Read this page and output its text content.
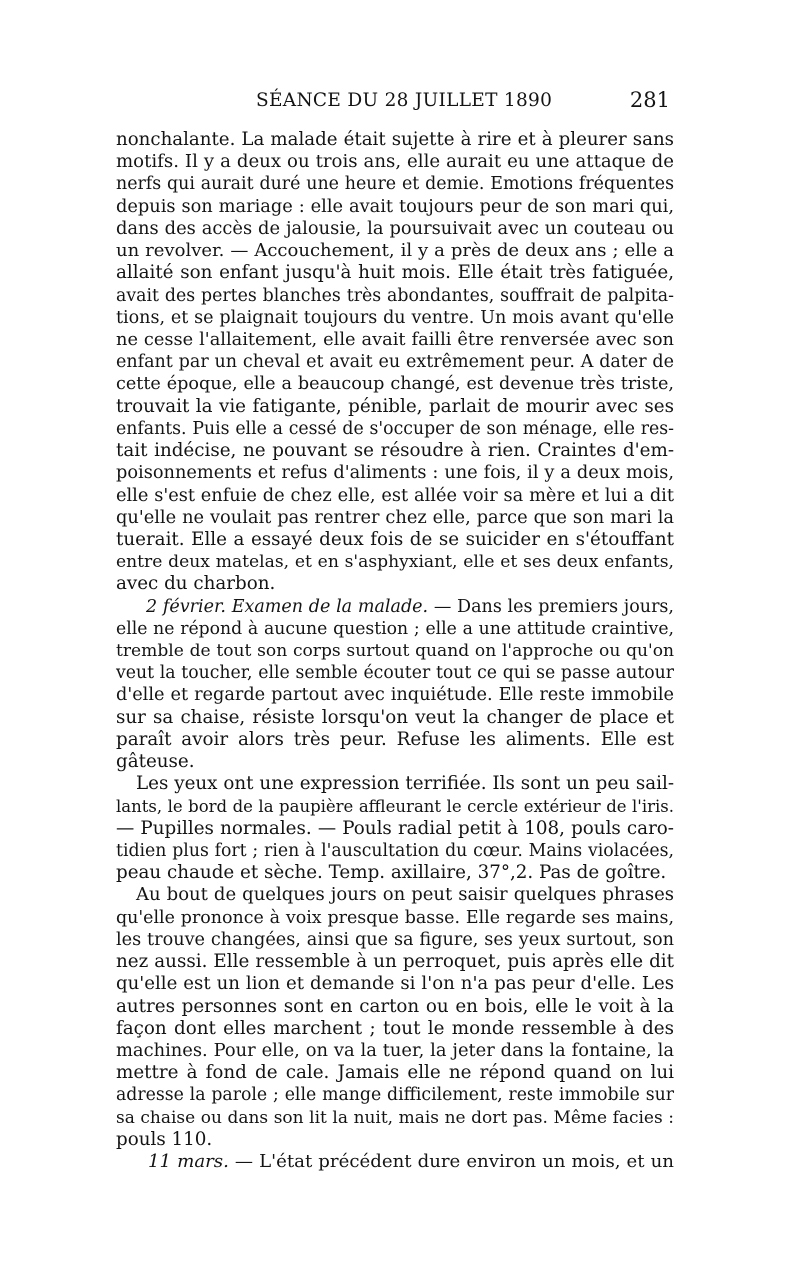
SÉANCE DU 28 JUILLET 1890	281
nonchalante. La malade était sujette à rire et à pleurer sans
motifs. Il y a deux ou trois ans, elle aurait eu une attaque de
nerfs qui aurait duré une heure et demie. Emotions fréquentes
depuis son mariage : elle avait toujours peur de son mari qui,
dans des accès de jalousie, la poursuivait avec un couteau ou
un revolver. — Accouchement, il y a près de deux ans ; elle a
allaité son enfant jusqu'à huit mois. Elle était très fatiguée,
avait des pertes blanches très abondantes, souffrait de palpita-
tions, et se plaignait toujours du ventre. Un mois avant qu'elle
ne cesse l'allaitement, elle avait failli être renversée avec son
enfant par un cheval et avait eu extrêmement peur. A dater de
cette époque, elle a beaucoup changé, est devenue très triste,
trouvait la vie fatigante, pénible, parlait de mourir avec ses
enfants. Puis elle a cessé de s'occuper de son ménage, elle res-
tait indécise, ne pouvant se résoudre à rien. Craintes d'em-
poisonnements et refus d'aliments : une fois, il y a deux mois,
elle s'est enfuie de chez elle, est allée voir sa mère et lui a dit
qu'elle ne voulait pas rentrer chez elle, parce que son mari la
tuerait. Elle a essayé deux fois de se suicider en s'étouffant
entre deux matelas, et en s'asphyxiant, elle et ses deux enfants,
avec du charbon.
2 février. Examen de la malade. — Dans les premiers jours,
elle ne répond à aucune question ; elle a une attitude craintive,
tremble de tout son corps surtout quand on l'approche ou qu'on
veut la toucher, elle semble écouter tout ce qui se passe autour
d'elle et regarde partout avec inquiétude. Elle reste immobile
sur sa chaise, résiste lorsqu'on veut la changer de place et
paraît avoir alors très peur. Refuse les aliments. Elle est
gâteuse.
Les yeux ont une expression terrifiée. Ils sont un peu sail-
lants, le bord de la paupière affleurant le cercle extérieur de l'iris.
— Pupilles normales. — Pouls radial petit à 108, pouls caro-
tidien plus fort ; rien à l'auscultation du cœur. Mains violacées,
peau chaude et sèche. Temp. axillaire, 37°,2. Pas de goître.
Au bout de quelques jours on peut saisir quelques phrases
qu'elle prononce à voix presque basse. Elle regarde ses mains,
les trouve changées, ainsi que sa figure, ses yeux surtout, son
nez aussi. Elle ressemble à un perroquet, puis après elle dit
qu'elle est un lion et demande si l'on n'a pas peur d'elle. Les
autres personnes sont en carton ou en bois, elle le voit à la
façon dont elles marchent ; tout le monde ressemble à des
machines. Pour elle, on va la tuer, la jeter dans la fontaine, la
mettre à fond de cale. Jamais elle ne répond quand on lui
adresse la parole ; elle mange difficilement, reste immobile sur
sa chaise ou dans son lit la nuit, mais ne dort pas. Même facies :
pouls 110.
11 mars. — L'état précédent dure environ un mois, et un
